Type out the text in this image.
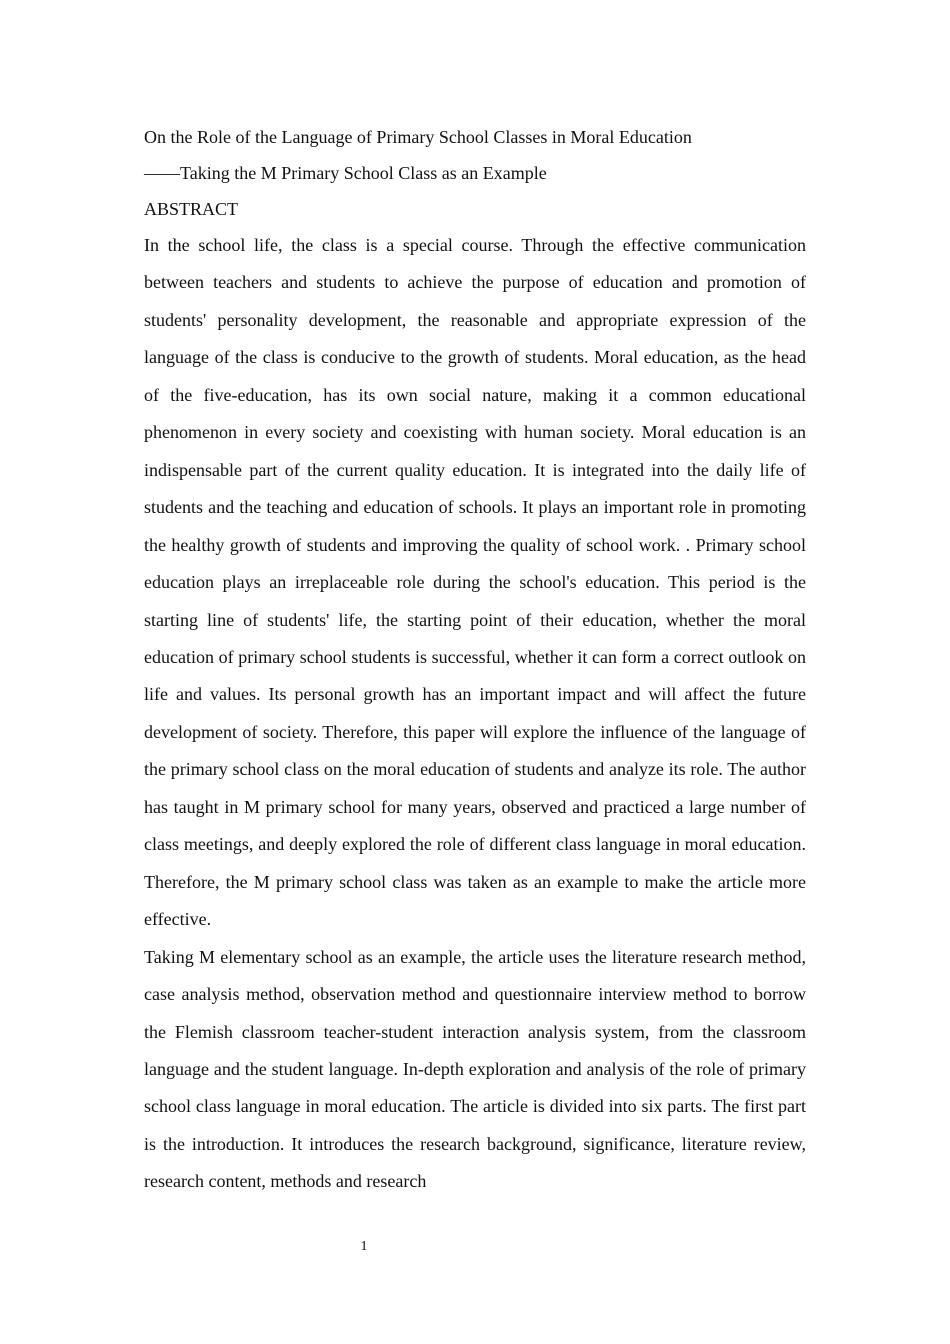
On the Role of the Language of Primary School Classes in Moral Education
——Taking the M Primary School Class as an Example
ABSTRACT

In the school life, the class is a special course. Through the effective communication between teachers and students to achieve the purpose of education and promotion of students' personality development, the reasonable and appropriate expression of the language of the class is conducive to the growth of students. Moral education, as the head of the five-education, has its own social nature, making it a common educational phenomenon in every society and coexisting with human society. Moral education is an indispensable part of the current quality education. It is integrated into the daily life of students and the teaching and education of schools. It plays an important role in promoting the healthy growth of students and improving the quality of school work. . Primary school education plays an irreplaceable role during the school's education. This period is the starting line of students' life, the starting point of their education, whether the moral education of primary school students is successful, whether it can form a correct outlook on life and values. Its personal growth has an important impact and will affect the future development of society. Therefore, this paper will explore the influence of the language of the primary school class on the moral education of students and analyze its role. The author has taught in M primary school for many years, observed and practiced a large number of class meetings, and deeply explored the role of different class language in moral education. Therefore, the M primary school class was taken as an example to make the article more effective.

Taking M elementary school as an example, the article uses the literature research method, case analysis method, observation method and questionnaire interview method to borrow the Flemish classroom teacher-student interaction analysis system, from the classroom language and the student language. In-depth exploration and analysis of the role of primary school class language in moral education. The article is divided into six parts. The first part is the introduction. It introduces the research background, significance, literature review, research content, methods and research

1
